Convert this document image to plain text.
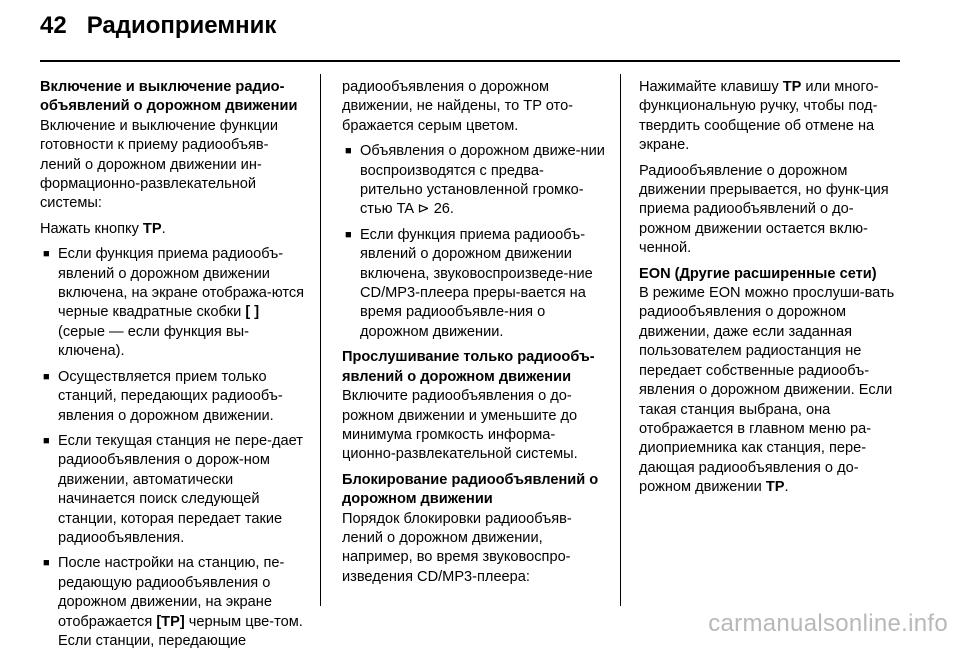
42 Радиоприемник

Включение и выключение радио-объявлений о дорожном движении

Включение и выключение функции готовности к приему радиообъяв-лений о дорожном движении ин-формационно-развлекательной системы:

Нажать кнопку TP.

■ Если функция приема радиообъ-явлений о дорожном движении включена, на экране отобража-ются черные квадратные скобки [ ] (серые — если функция вы-ключена).
■ Осуществляется прием только станций, передающих радиообъ-явления о дорожном движении.
■ Если текущая станция не пере-дает радиообъявления о дорож-ном движении, автоматически начинается поиск следующей станции, которая передает такие радиообъявления.
■ После настройки на станцию, пе-редающую радиообъявления о дорожном движении, на экране отображается [TP] черным цве-том. Если станции, передающие

радиообъявления о дорожном движении, не найдены, то TP ото-бражается серым цветом.

■ Объявления о дорожном движе-нии воспроизводятся с предва-рительно установленной громко-стью TA ⊳ 26.
■ Если функция приема радиообъ-явлений о дорожном движении включена, звуковоспроизведе-ние CD/MP3-плеера преры-вается на время радиообъявле-ния о дорожном движении.

Прослушивание только радиообъ-явлений о дорожном движении

Включите радиообъявления о до-рожном движении и уменьшите до минимума громкость информа-ционно-развлекательной системы.

Блокирование радиообъявлений о дорожном движении

Порядок блокировки радиообъяв-лений о дорожном движении, например, во время звуковоспро-изведения CD/MP3-плеера:

Нажимайте клавишу TP или много-функциональную ручку, чтобы под-твердить сообщение об отмене на экране.

Радиообъявление о дорожном движении прерывается, но функ-ция приема радиообъявлений о до-рожном движении остается вклю-ченной.

EON (Другие расширенные сети)

В режиме EON можно прослуши-вать радиообъявления о дорожном движении, даже если заданная пользователем радиостанция не передает собственные радиообъ-явления о дорожном движении. Если такая станция выбрана, она отображается в главном меню ра-диоприемника как станция, пере-дающая радиообъявления о до-рожном движении TP.

carmanualsonline.info
